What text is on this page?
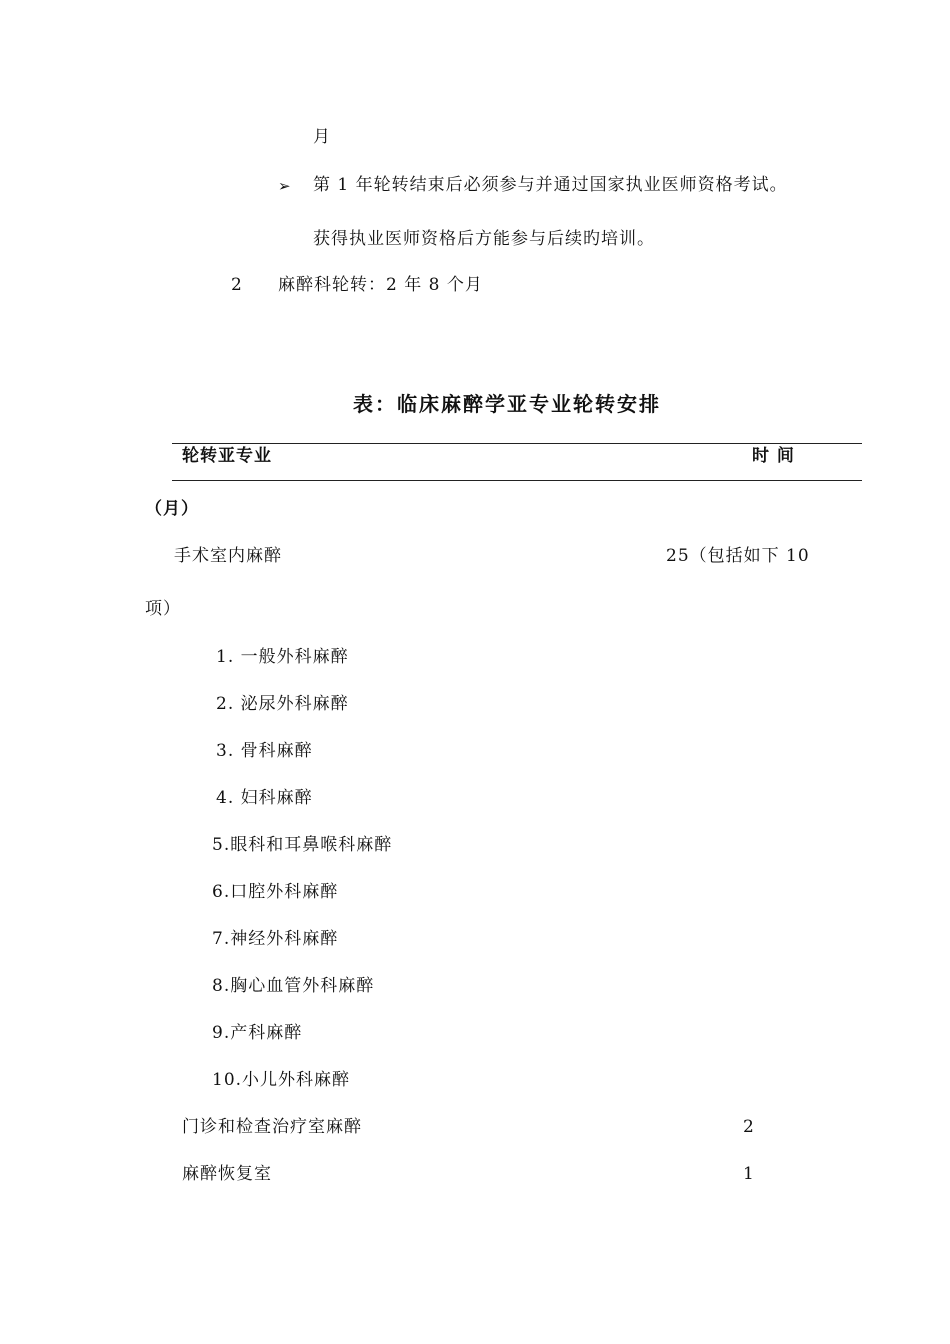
月
➢ 第 1 年轮转结束后必须参与并通过国家执业医师资格考试。
获得执业医师资格后方能参与后续旳培训。
2 麻醉科轮转：2 年 8 个月
表：临床麻醉学亚专业轮转安排
轮转亚专业	时 间
（月）
手术室内麻醉	25（包括如下 10
项）
1. 一般外科麻醉
2. 泌尿外科麻醉
3. 骨科麻醉
4. 妇科麻醉
5.眼科和耳鼻喉科麻醉
6.口腔外科麻醉
7.神经外科麻醉
8.胸心血管外科麻醉
9.产科麻醉
10.小儿外科麻醉
门诊和检查治疗室麻醉	2
麻醉恢复室	1
